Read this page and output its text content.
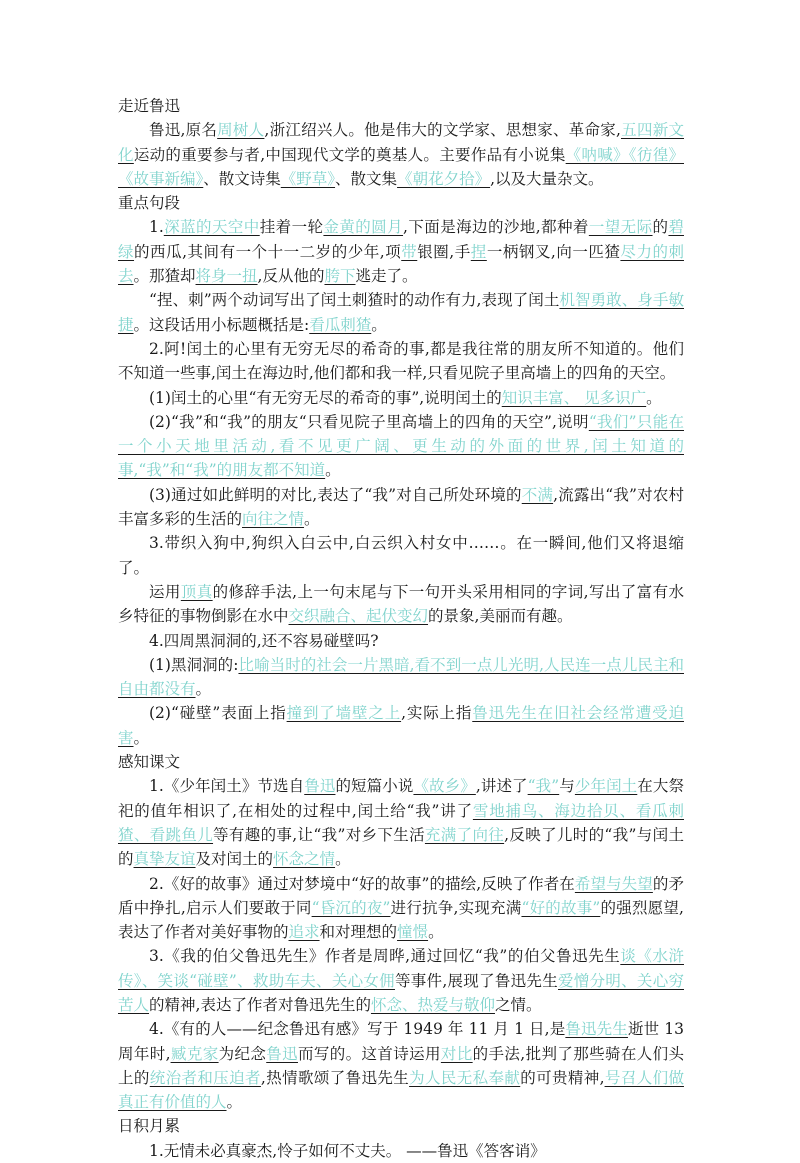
走近鲁迅

鲁迅,原名周树人,浙江绍兴人。他是伟大的文学家、思想家、革命家,五四新文化运动的重要参与者,中国现代文学的奠基人。主要作品有小说集《呐喊》《彷徨》《故事新编》、散文诗集《野草》、散文集《朝花夕拾》,以及大量杂文。

重点句段

1.深蓝的天空中挂着一轮金黄的圆月,下面是海边的沙地,都种着一望无际的碧绿的西瓜,其间有一个十一二岁的少年,项带银圈,手捏一柄钢叉,向一匹猹尽力的刺去。那猹却将身一扭,反从他的胯下逃走了。

“捏、刺”两个动词写出了闰土刺猹时的动作有力,表现了闰土机智勇敢、身手敏捷。这段话用小标题概括是:看瓜刺猹。

2.阿!闰土的心里有无穷无尽的希奇的事,都是我往常的朋友所不知道的。他们不知道一些事,闰土在海边时,他们都和我一样,只看见院子里高墙上的四角的天空。

(1)闰土的心里“有无穷无尽的希奇的事”,说明闰土的知识丰富、 见多识广。

(2)“我”和“我”的朋友“只看见院子里高墙上的四角的天空”,说明“我们”只能在一个小天地里活动,看不见更广阔、更生动的外面的世界,闰土知道的事,“我”和“我”的朋友都不知道。

(3)通过如此鲜明的对比,表达了“我”对自己所处环境的不满,流露出“我”对农村丰富多彩的生活的向往之情。

3.带织入狗中,狗织入白云中,白云织入村女中……。在一瞬间,他们又将退缩了。

运用顶真的修辞手法,上一句末尾与下一句开头采用相同的字词,写出了富有水乡特征的事物倒影在水中交织融合、起伏变幻的景象,美丽而有趣。

4.四周黑洞洞的,还不容易碰壁吗?

(1)黑洞洞的:比喻当时的社会一片黑暗,看不到一点儿光明,人民连一点儿民主和自由都没有。

(2)“碰壁”表面上指撞到了墙壁之上,实际上指鲁迅先生在旧社会经常遭受迫害。

感知课文

1.《少年闰土》节选自鲁迅的短篇小说《故乡》,讲述了“我”与少年闰土在大祭祀的值年相识了,在相处的过程中,闰土给“我”讲了雪地捕鸟、海边拾贝、看瓜刺猹、看跳鱼儿等有趣的事,让“我”对乡下生活充满了向往,反映了儿时的“我”与闰土的真挚友谊及对闰土的怀念之情。

2.《好的故事》通过对梦境中“好的故事”的描绘,反映了作者在希望与失望的矛盾中挣扎,启示人们要敢于同“昏沉的夜”进行抗争,实现充满“好的故事”的强烈愿望,表达了作者对美好事物的追求和对理想的憧憬。

3.《我的伯父鲁迅先生》作者是周晔,通过回忆“我”的伯父鲁迅先生谈《水浒传》、笑谈“碰壁”、救助车夫、关心女佣等事件,展现了鲁迅先生爱憎分明、关心穷苦人的精神,表达了作者对鲁迅先生的怀念、热爱与敬仰之情。

4.《有的人——纪念鲁迅有感》写于 1949 年 11 月 1 日,是鲁迅先生逝世 13 周年时,臧克家为纪念鲁迅而写的。这首诗运用对比的手法,批判了那些骑在人们头上的统治者和压迫者,热情歌颂了鲁迅先生为人民无私奉献的可贵精神,号召人们做真正有价值的人。

日积月累

1.无情未必真豪杰,怜子如何不丈夫。 ——鲁迅《答客诮》
